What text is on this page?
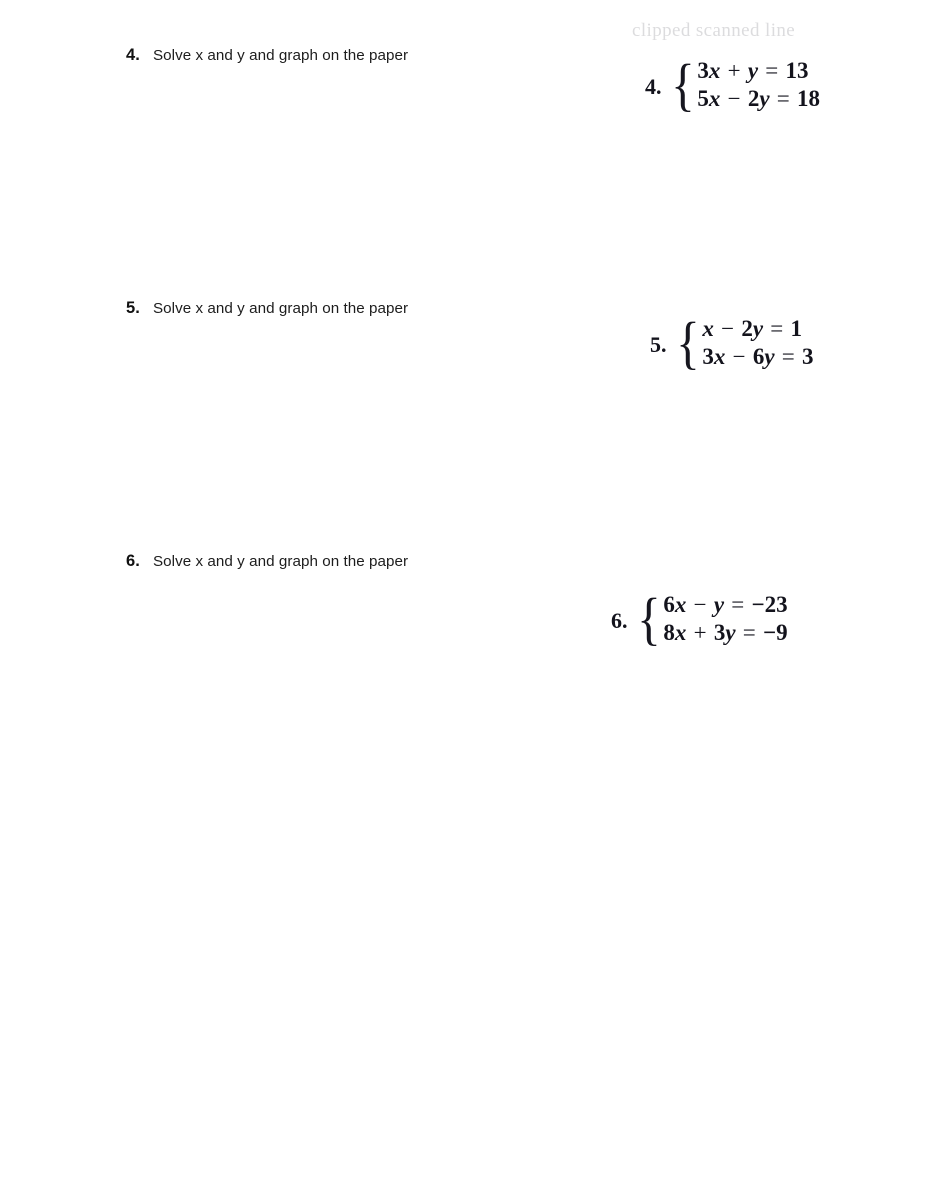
clipped scanned line
4. Solve x and y and graph on the paper
5. Solve x and y and graph on the paper
6. Solve x and y and graph on the paper
4. { 3x + y = 13
5x − 2y = 18
5. { x − 2y = 1
3x − 6y = 3
6. { 6x − y = −23
8x + 3y = −9
